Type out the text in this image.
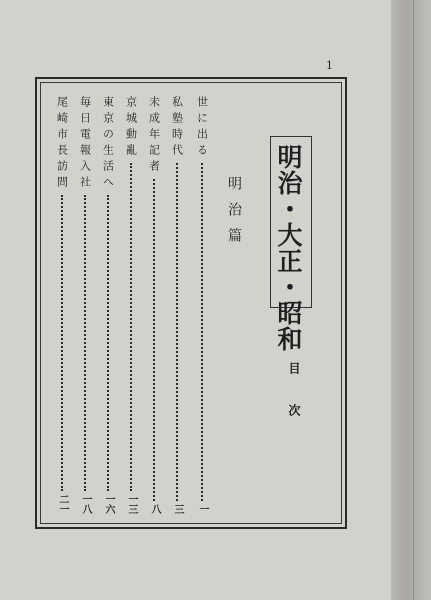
1
明治・大正・昭和
目 次
明治篇
世に出る
一
私塾時代
三
未成年記者
八
京城動亂
一三
東京の生活へ
一六
毎日電報入社
一八
尾崎市長訪問
二一
